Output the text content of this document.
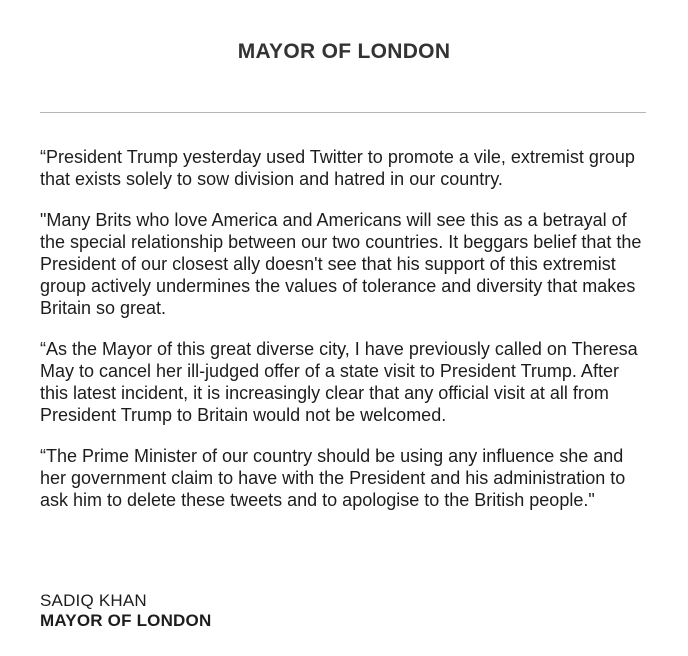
MAYOR OF LONDON

“President Trump yesterday used Twitter to promote a vile, extremist group that exists solely to sow division and hatred in our country.

"Many Brits who love America and Americans will see this as a betrayal of the special relationship between our two countries. It beggars belief that the President of our closest ally doesn't see that his support of this extremist group actively undermines the values of tolerance and diversity that makes Britain so great.

“As the Mayor of this great diverse city, I have previously called on Theresa May to cancel her ill-judged offer of a state visit to President Trump. After this latest incident, it is increasingly clear that any official visit at all from President Trump to Britain would not be welcomed.

“The Prime Minister of our country should be using any influence she and her government claim to have with the President and his administration to ask him to delete these tweets and to apologise to the British people."

SADIQ KHAN
MAYOR OF LONDON
